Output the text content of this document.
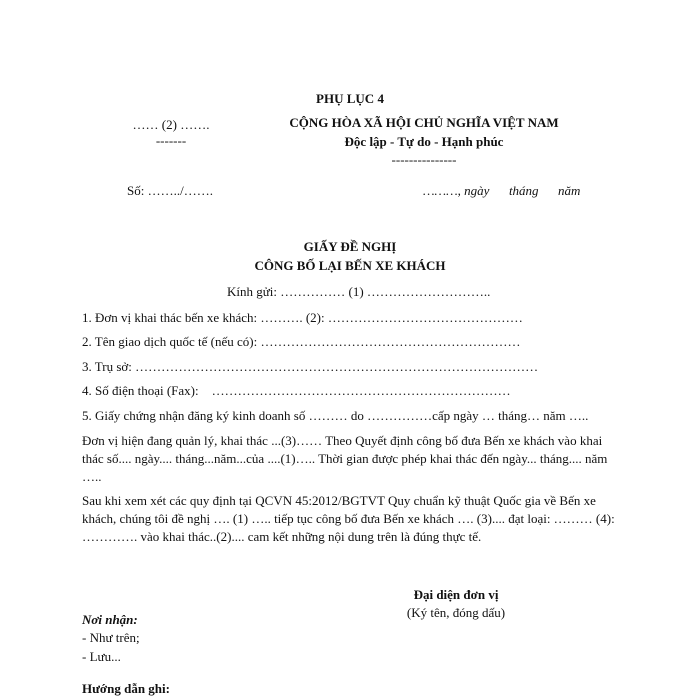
PHỤ LỤC 4
…… (2) …….
-------
CỘNG HÒA XÃ HỘI CHỦ NGHĨA VIỆT NAM
Độc lập - Tự do - Hạnh phúc
---------------
Số: ……../…….	………, ngày      tháng      năm
GIẤY ĐỀ NGHỊ
CÔNG BỐ LẠI BẾN XE KHÁCH
Kính gửi: …………… (1) ………………………..
1. Đơn vị khai thác bến xe khách: ………. (2): ………………………………………
2. Tên giao dịch quốc tế (nếu có): ……………………………………………………
3. Trụ sở: …………………………………………………………………………………
4. Số điện thoại (Fax):    ……………………………………………………………
5. Giấy chứng nhận đăng ký kinh doanh số ……… do ……………cấp ngày … tháng… năm …..
Đơn vị hiện đang quản lý, khai thác ...(3)…… Theo Quyết định công bố đưa Bến xe khách vào khai thác số.... ngày.... tháng...năm...của ....(1)….. Thời gian được phép khai thác đến ngày... tháng.... năm …..
Sau khi xem xét các quy định tại QCVN 45:2012/BGTVT Quy chuẩn kỹ thuật Quốc gia về Bến xe khách, chúng tôi đề nghị …. (1) ….. tiếp tục công bố đưa Bến xe khách …. (3).... đạt loại: ……… (4): …………. vào khai thác..(2).... cam kết những nội dung trên là đúng thực tế.
Đại diện đơn vị
(Ký tên, đóng dấu)
Nơi nhận:
- Như trên;
- Lưu...
Hướng dẫn ghi:
